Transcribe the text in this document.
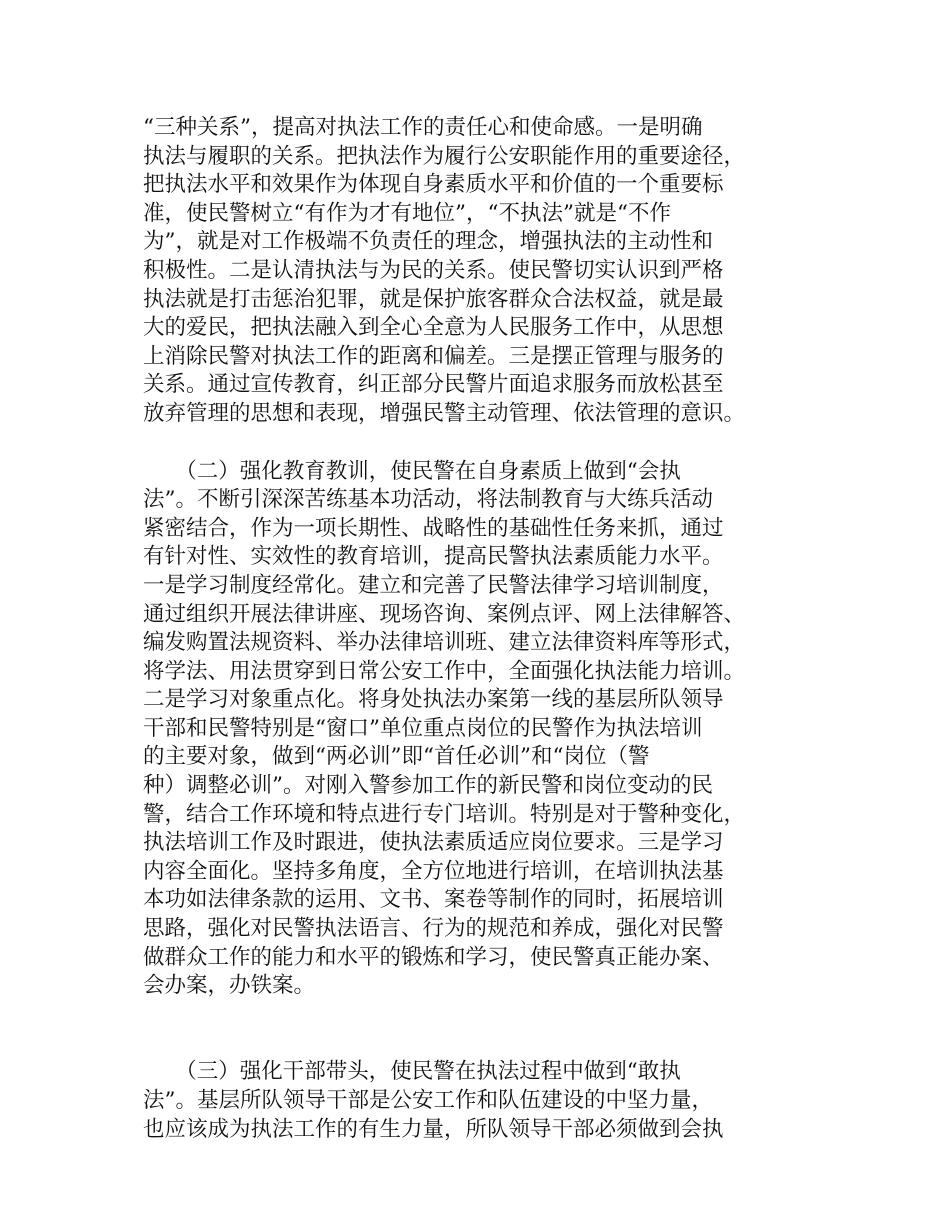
“三种关系”，提高对执法工作的责任心和使命感。一是明确
执法与履职的关系。把执法作为履行公安职能作用的重要途径，
把执法水平和效果作为体现自身素质水平和价值的一个重要标
准，使民警树立“有作为才有地位”，“不执法”就是“不作
为”，就是对工作极端不负责任的理念，增强执法的主动性和
积极性。二是认清执法与为民的关系。使民警切实认识到严格
执法就是打击惩治犯罪，就是保护旅客群众合法权益，就是最
大的爱民，把执法融入到全心全意为人民服务工作中，从思想
上消除民警对执法工作的距离和偏差。三是摆正管理与服务的
关系。通过宣传教育，纠正部分民警片面追求服务而放松甚至
放弃管理的思想和表现，增强民警主动管理、依法管理的意识。
　　（二）强化教育教训，使民警在自身素质上做到“会执
法”。不断引深深苦练基本功活动，将法制教育与大练兵活动
紧密结合，作为一项长期性、战略性的基础性任务来抓，通过
有针对性、实效性的教育培训，提高民警执法素质能力水平。
一是学习制度经常化。建立和完善了民警法律学习培训制度，
通过组织开展法律讲座、现场咨询、案例点评、网上法律解答、
编发购置法规资料、举办法律培训班、建立法律资料库等形式，
将学法、用法贯穿到日常公安工作中，全面强化执法能力培训。
二是学习对象重点化。将身处执法办案第一线的基层所队领导
干部和民警特别是“窗口”单位重点岗位的民警作为执法培训
的主要对象，做到“两必训”即“首任必训”和“岗位（警
种）调整必训”。对刚入警参加工作的新民警和岗位变动的民
警，结合工作环境和特点进行专门培训。特别是对于警种变化，
执法培训工作及时跟进，使执法素质适应岗位要求。三是学习
内容全面化。坚持多角度，全方位地进行培训，在培训执法基
本功如法律条款的运用、文书、案卷等制作的同时，拓展培训
思路，强化对民警执法语言、行为的规范和养成，强化对民警
做群众工作的能力和水平的锻炼和学习，使民警真正能办案、
会办案，办铁案。
　　（三）强化干部带头，使民警在执法过程中做到“敢执
法”。基层所队领导干部是公安工作和队伍建设的中坚力量，
也应该成为执法工作的有生力量，所队领导干部必须做到会执
